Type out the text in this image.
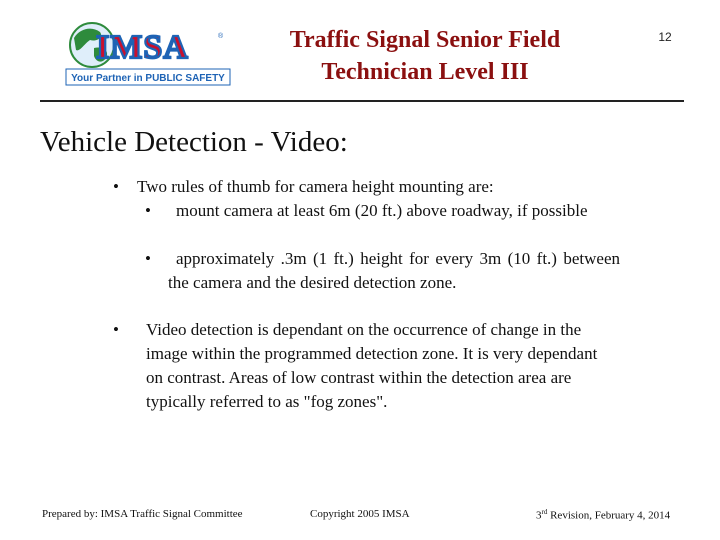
IMSA	®
Your Partner in PUBLIC SAFETY
Traffic Signal Senior Field
Technician Level III
12
Vehicle Detection - Video:
• Two rules of thumb for camera height mounting are:
•	mount camera at least 6m (20 ft.) above roadway, if possible
•	approximately .3m (1 ft.) height for every 3m (10 ft.) between the camera and the desired detection zone.
• Video detection is dependant on the occurrence of change in the image within the programmed detection zone. It is very dependant on contrast. Areas of low contrast within the detection area are typically referred to as "fog zones".
Prepared by: IMSA Traffic Signal Committee	Copyright 2005 IMSA	3rd Revision, February 4, 2014
